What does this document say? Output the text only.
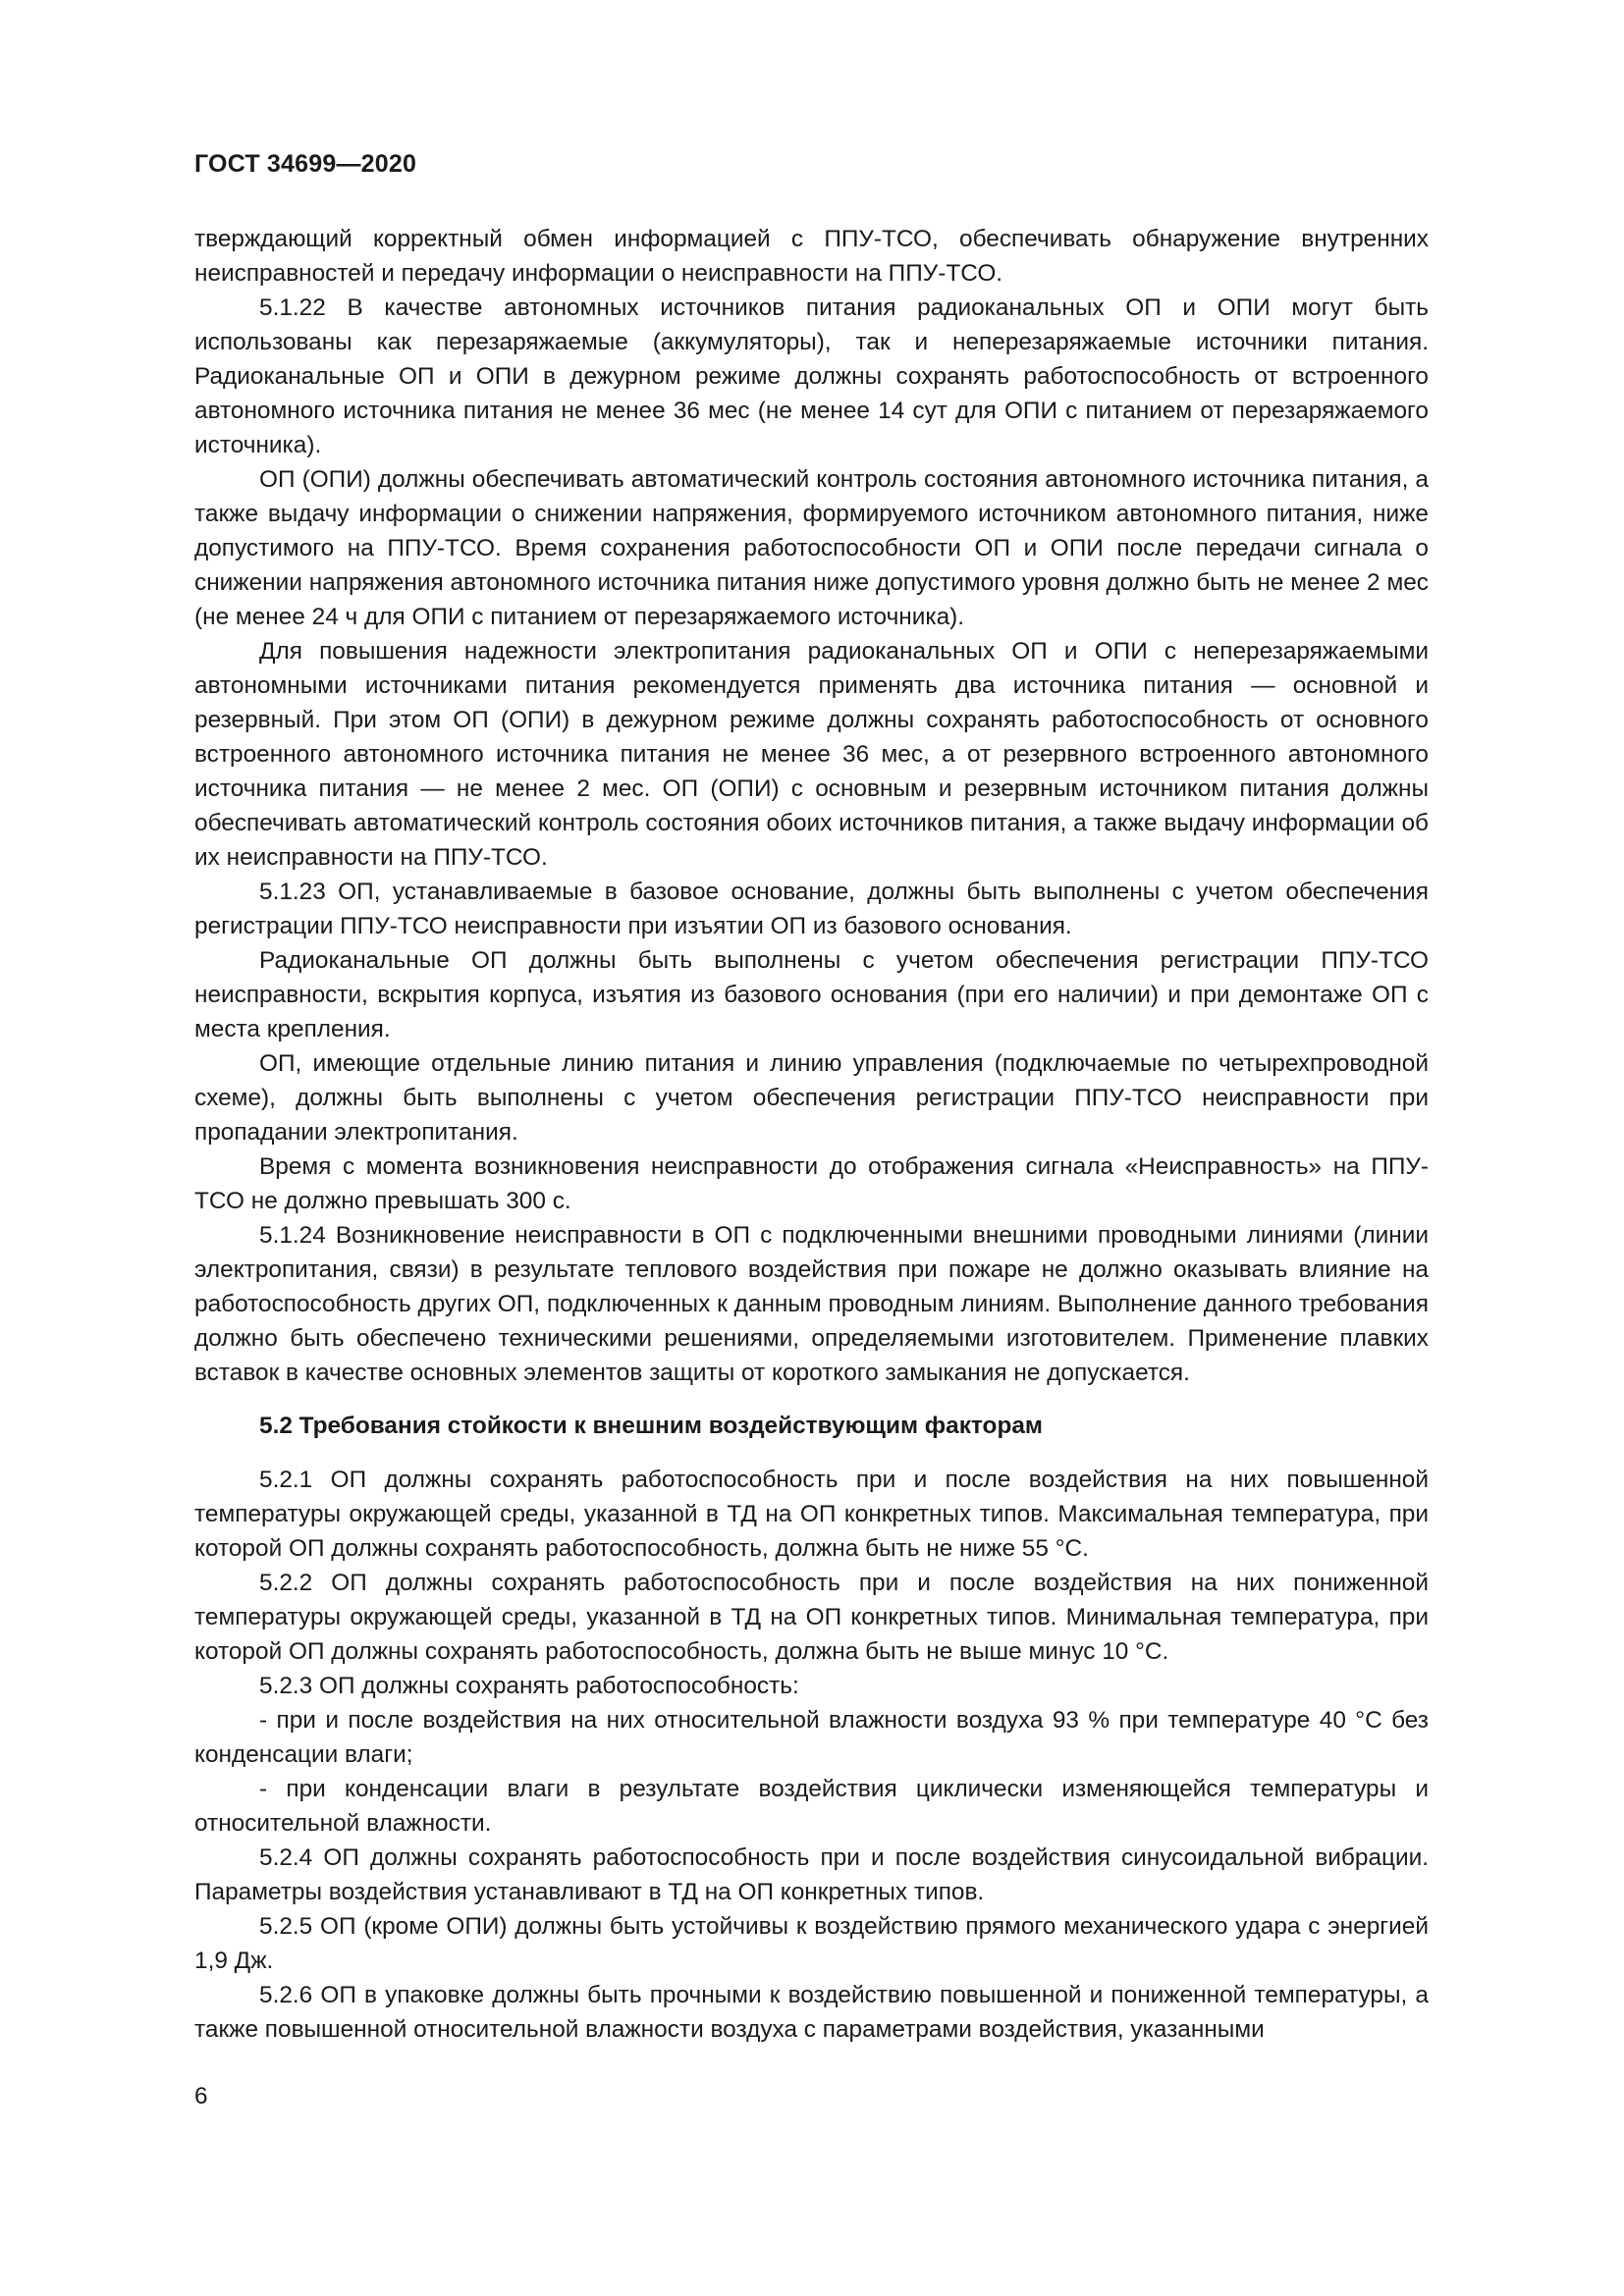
ГОСТ 34699—2020

тверждающий корректный обмен информацией с ППУ-ТСО, обеспечивать обнаружение внутренних неисправностей и передачу информации о неисправности на ППУ-ТСО.

5.1.22 В качестве автономных источников питания радиоканальных ОП и ОПИ могут быть использованы как перезаряжаемые (аккумуляторы), так и неперезаряжаемые источники питания. Радиоканальные ОП и ОПИ в дежурном режиме должны сохранять работоспособность от встроенного автономного источника питания не менее 36 мес (не менее 14 сут для ОПИ с питанием от перезаряжаемого источника).

ОП (ОПИ) должны обеспечивать автоматический контроль состояния автономного источника питания, а также выдачу информации о снижении напряжения, формируемого источником автономного питания, ниже допустимого на ППУ-ТСО. Время сохранения работоспособности ОП и ОПИ после передачи сигнала о снижении напряжения автономного источника питания ниже допустимого уровня должно быть не менее 2 мес (не менее 24 ч для ОПИ с питанием от перезаряжаемого источника).

Для повышения надежности электропитания радиоканальных ОП и ОПИ с неперезаряжаемыми автономными источниками питания рекомендуется применять два источника питания — основной и резервный. При этом ОП (ОПИ) в дежурном режиме должны сохранять работоспособность от основного встроенного автономного источника питания не менее 36 мес, а от резервного встроенного автономного источника питания — не менее 2 мес. ОП (ОПИ) с основным и резервным источником питания должны обеспечивать автоматический контроль состояния обоих источников питания, а также выдачу информации об их неисправности на ППУ-ТСО.

5.1.23 ОП, устанавливаемые в базовое основание, должны быть выполнены с учетом обеспечения регистрации ППУ-ТСО неисправности при изъятии ОП из базового основания.

Радиоканальные ОП должны быть выполнены с учетом обеспечения регистрации ППУ-ТСО неисправности, вскрытия корпуса, изъятия из базового основания (при его наличии) и при демонтаже ОП с места крепления.

ОП, имеющие отдельные линию питания и линию управления (подключаемые по четырехпроводной схеме), должны быть выполнены с учетом обеспечения регистрации ППУ-ТСО неисправности при пропадании электропитания.

Время с момента возникновения неисправности до отображения сигнала «Неисправность» на ППУ-ТСО не должно превышать 300 с.

5.1.24 Возникновение неисправности в ОП с подключенными внешними проводными линиями (линии электропитания, связи) в результате теплового воздействия при пожаре не должно оказывать влияние на работоспособность других ОП, подключенных к данным проводным линиям. Выполнение данного требования должно быть обеспечено техническими решениями, определяемыми изготовителем. Применение плавких вставок в качестве основных элементов защиты от короткого замыкания не допускается.

5.2 Требования стойкости к внешним воздействующим факторам

5.2.1 ОП должны сохранять работоспособность при и после воздействия на них повышенной температуры окружающей среды, указанной в ТД на ОП конкретных типов. Максимальная температура, при которой ОП должны сохранять работоспособность, должна быть не ниже 55 °С.

5.2.2 ОП должны сохранять работоспособность при и после воздействия на них пониженной температуры окружающей среды, указанной в ТД на ОП конкретных типов. Минимальная температура, при которой ОП должны сохранять работоспособность, должна быть не выше минус 10 °С.

5.2.3 ОП должны сохранять работоспособность:

- при и после воздействия на них относительной влажности воздуха 93 % при температуре 40 °С без конденсации влаги;

- при конденсации влаги в результате воздействия циклически изменяющейся температуры и относительной влажности.

5.2.4 ОП должны сохранять работоспособность при и после воздействия синусоидальной вибрации. Параметры воздействия устанавливают в ТД на ОП конкретных типов.

5.2.5 ОП (кроме ОПИ) должны быть устойчивы к воздействию прямого механического удара с энергией 1,9 Дж.

5.2.6 ОП в упаковке должны быть прочными к воздействию повышенной и пониженной температуры, а также повышенной относительной влажности воздуха с параметрами воздействия, указанными

6
